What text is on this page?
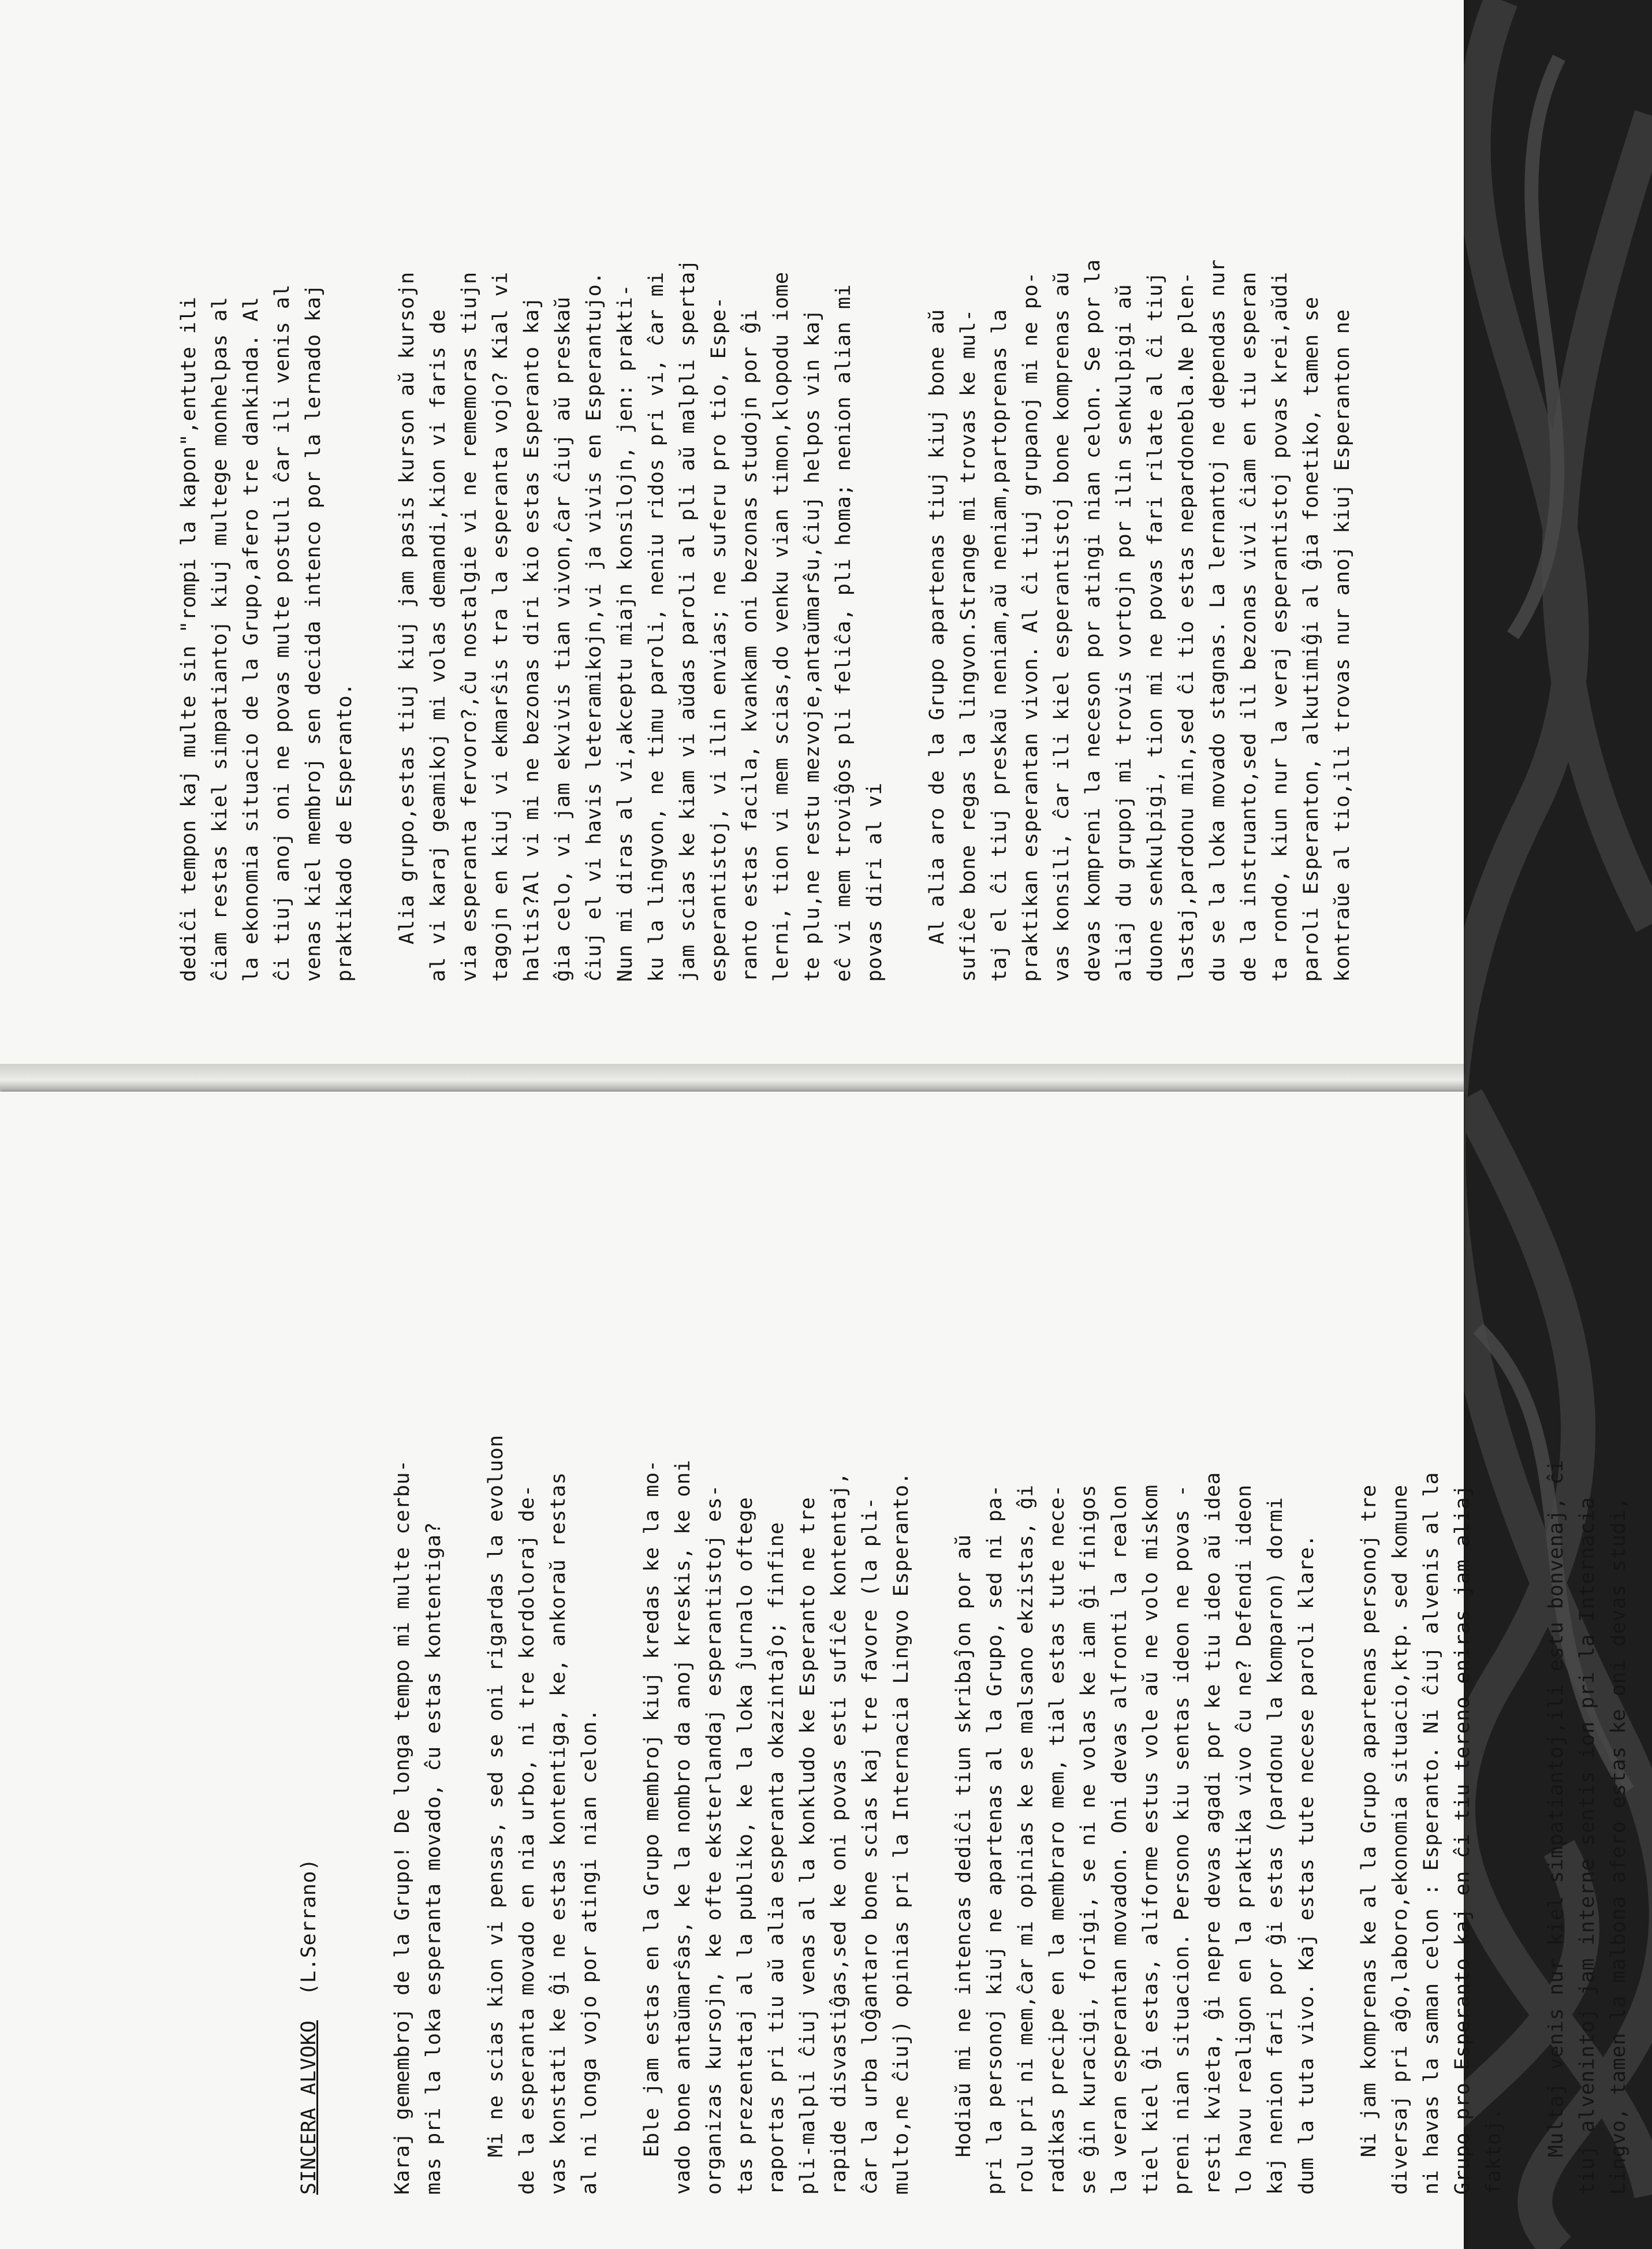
dediĉi tempon kaj multe sin "rompi la kapon",entute ili ĉiam restas kiel simpatiantoj kiuj multege monhelpas al la ekonomia situacio de la Grupo,afero tre dankinda. Al ĉi tiuj anoj oni ne povas multe postuli ĉar ili venis al venas kiel membroj sen decida intenco por la lernado kaj praktikado de Esperanto. Alia grupo,estas tiuj kiuj jam pasis kurson aŭ kursojn al vi karaj geamikoj mi volas demandi,kion vi faris de via esperanta fervoro?,ĉu nostalgie vi ne rememoras tiujn tagojn en kiuj vi ekmarŝis tra la esperanta vojo? Kial vi haltis?Al vi mi ne bezonas diri kio estas Esperanto kaj ĝia celo, vi jam ekvivis tian vivon,ĉar ĉiuj aŭ preskaŭ ĉiuj el vi havis leteramikojn,vi ja vivis en Esperantujo. Nun mi diras al vi,akceptu miajn konsilojn, jen: prakti- ku la lingvon, ne timu paroli, neniu ridos pri vi, ĉar mi jam scias ke kiam vi aŭdas paroli al pli aŭ malpli spertaj esperantistoj, vi ilin envias; ne suferu pro tio, Espe- ranto estas facila, kvankam oni bezonas studojn por ĝi lerni, tion vi mem scias,do venku vian timon,klopodu iome te plu,ne restu mezvoje,antaŭmarŝu,ĉiuj helpos vin kaj eĉ vi mem troviĝos pli feliĉa, pli homa; nenion alian mi povas diri al vi Al alia aro de la Grupo apartenas tiuj kiuj bone aŭ sufiĉe bone regas la lingvon.Strange mi trovas ke mul- taj el ĉi tiuj preskaŭ neniam,aŭ neniam,partoprenas la praktikan esperantan vivon. Al ĉi tiuj grupanoj mi ne po- vas konsili, ĉar ili kiel esperantistoj bone komprenas aŭ devas kompreni la neceson por atingi nian celon. Se por la aliaj du grupoj mi trovis vortojn por ilin senkulpigi aŭ duone senkulpigi, tion mi ne povas fari rilate al ĉi tiuj lastaj,pardonu min,sed ĉi tio estas nepardonebla.Ne plen- du se la loka movado stagnas. La lernantoj ne dependas nur de la instruanto,sed ili bezonas vivi ĉiam en tiu esperan ta rondo, kiun nur la veraj esperantistoj povas krei,aŭdi paroli Esperanton, alkutimiĝi al ĝia fonetiko, tamen se kontraŭe al tio,ili trovas nur anoj kiuj Esperanton ne

SINCERA ALVOKO  (L.Serrano)	Karaj gemembroj de la Grupo! De longa tempo mi multe cerbu- mas pri la loka esperanta movado, ĉu estas kontentiga? Mi ne scias kion vi pensas, sed se oni rigardas la evoluon de la esperanta movado en nia urbo, ni tre kordoloraj de- vas konstati ke ĝi ne estas kontentiga, ke, ankoraŭ restas al ni longa vojo por atingi nian celon. Eble jam estas en la Grupo membroj kiuj kredas ke la mo- vado bone antaŭmarŝas, ke la nombro da anoj kreskis, ke oni organizas kursojn, ke ofte eksterlandaj esperantistoj es- tas prezentataj al la publiko, ke la loka ĵurnalo oftege raportas pri tiu aŭ alia esperanta okazintaĵo; finfine pli-malpli ĉiuj venas al la konkludo ke Esperanto ne tre rapide disvastiĝas,sed ke oni povas esti sufiĉe kontentaj, ĉar la urba loĝantaro bone scias kaj tre favore (la pli- multo,ne ĉiuj) opinias pri la Internacia Lingvo Esperanto. Hodiaŭ mi ne intencas dediĉi tiun skribaĵon por aŭ pri la personoj kiuj ne apartenas al la Grupo, sed ni pa- rolu pri ni mem,ĉar mi opinias ke se malsano ekzistas, ĝi radikas precipe en la membraro mem, tial estas tute nece- se ĝin kuracigi, forigi, se ni ne volas ke iam ĝi finigos la veran esperantan movadon. Oni devas alfronti la realon tiel kiel ĝi estas, aliforme estus vole aŭ ne volo miskom preni nian situacion. Persono kiu sentas ideon ne povas - resti kvieta, ĝi nepre devas agadi por ke tiu ideo aŭ idea lo havu realigon en la praktika vivo ĉu ne? Defendi ideon kaj nenion fari por ĝi estas (pardonu la komparon) dormi dum la tuta vivo. Kaj estas tute necese paroli klare. Ni jam komprenas ke al la Grupo apartenas personoj tre diversaj pri aĝo,laboro,ekonomia situacio,ktp. sed komune ni havas la saman celon : Esperanto. Ni ĉiuj alvenis al la Grupo pro Esperanto kaj en ĉi tiu tereno eniras jam aliaj faktoj. Multaj venis nur kiel simpatiantoj,ili estu bonvenaj, ĉi tiuj alvenintoj jam interne sentis ion pri la Internacia Lingvo, tamen la malbona afero estas ke oni devas studi,
